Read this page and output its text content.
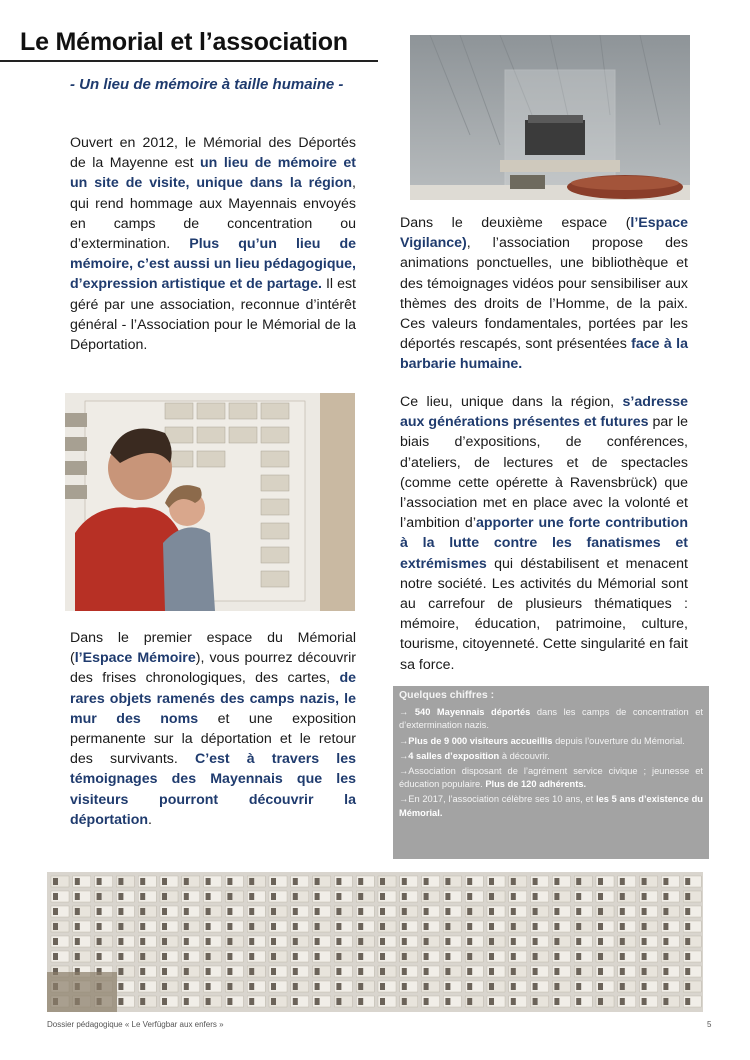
Le Mémorial et l’association
- Un lieu de mémoire à taille humaine -

Ouvert en 2012, le Mémorial des Déportés de la Mayenne est un lieu de mémoire et un site de visite, unique dans la région, qui rend hommage aux Mayennais envoyés en camps de concentration ou d’extermination. Plus qu’un lieu de mémoire, c’est aussi un lieu pédagogique, d’expression artistique et de partage. Il est géré par une association, reconnue d’intérêt général - l’Association pour le Mémorial de la Déportation.

Dans le deuxième espace (l’Espace Vigilance), l’association propose des animations ponctuelles, une bibliothèque et des témoignages vidéos pour sensibiliser aux thèmes des droits de l’Homme, de la paix. Ces valeurs fondamentales, portées par les déportés rescapés, sont présentées face à la barbarie humaine.

Ce lieu, unique dans la région, s’adresse aux générations présentes et futures par le biais d’expositions, de conférences, d’ateliers, de lectures et de spectacles (comme cette opérette à Ravensbrück) que l’association met en place avec la volonté et l’ambition d’apporter une forte contribution à la lutte contre les fanatismes et extrémismes qui déstabilisent et menacent notre société. Les activités du Mémorial sont au carrefour de plusieurs thématiques : mémoire, éducation, patrimoine, culture, tourisme, citoyenneté. Cette singularité en fait sa force.

Dans le premier espace du Mémorial (l’Espace Mémoire), vous pourrez découvrir des frises chronologiques, des cartes, de rares objets ramenés des camps nazis, le mur des noms et une exposition permanente sur la déportation et le retour des survivants. C’est à travers les témoignages des Mayennais que les visiteurs pourront découvrir la déportation.

Quelques chiffres :

→ 540 Mayennais déportés dans les camps de concentration et d’extermination nazis.

→Plus de 9 000 visiteurs accueillis depuis l’ouverture du Mémorial.

→4 salles d’exposition à découvrir.

→Association disposant de l’agrément service civique ; jeunesse et éducation populaire. Plus de 120 adhérents.

→En 2017, l’association célèbre ses 10 ans, et les 5 ans d’existence du Mémorial.

Dossier pédagogique « Le Verfügbar aux enfers »	5
